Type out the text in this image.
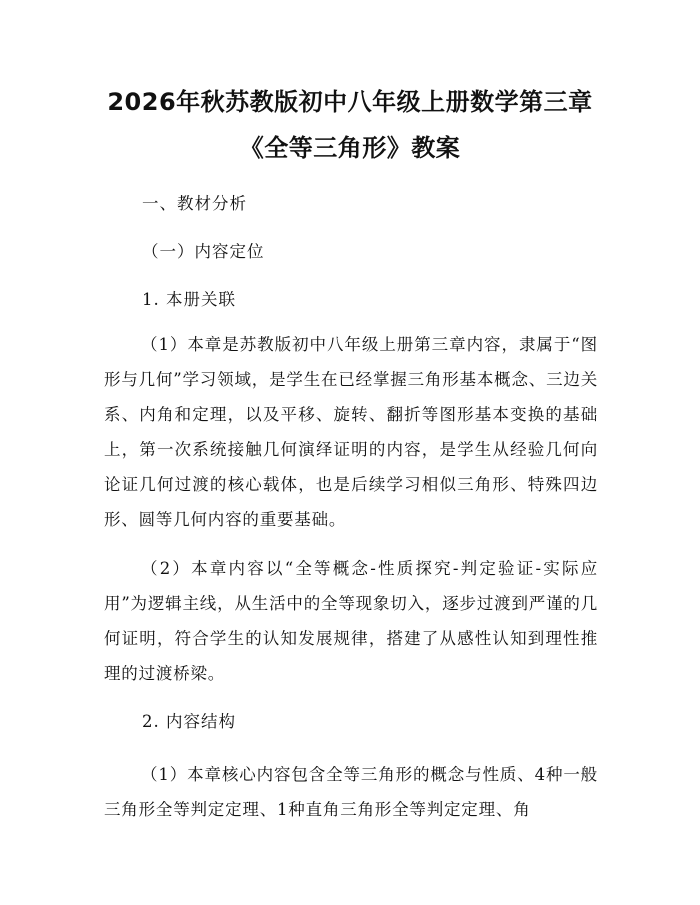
2026年秋苏教版初中八年级上册数学第三章
《全等三角形》教案
一、教材分析
（一）内容定位
1. 本册关联
（1）本章是苏教版初中八年级上册第三章内容，隶属于“图形与几何”学习领域，是学生在已经掌握三角形基本概念、三边关系、内角和定理，以及平移、旋转、翻折等图形基本变换的基础上，第一次系统接触几何演绎证明的内容，是学生从经验几何向论证几何过渡的核心载体，也是后续学习相似三角形、特殊四边形、圆等几何内容的重要基础。
（2）本章内容以“全等概念-性质探究-判定验证-实际应用”为逻辑主线，从生活中的全等现象切入，逐步过渡到严谨的几何证明，符合学生的认知发展规律，搭建了从感性认知到理性推理的过渡桥梁。
2. 内容结构
（1）本章核心内容包含全等三角形的概念与性质、4种一般三角形全等判定定理、1种直角三角形全等判定定理、角
